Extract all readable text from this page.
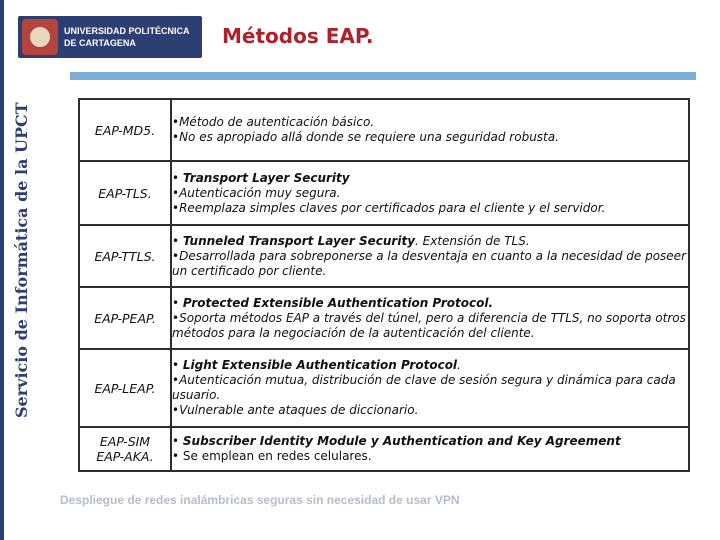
Servicio de Informática de la UPCT
UNIVERSIDAD POLITÉCNICA
DE CARTAGENA	Métodos EAP.
EAP-MD5.	•Método de autenticación básico.
•No es apropiado allá donde se requiere una seguridad robusta.

EAP-TLS.	• Transport Layer Security
•Autenticación muy segura.
•Reemplaza simples claves por certificados para el cliente y el servidor.

EAP-TTLS.	• Tunneled Transport Layer Security. Extensión de TLS.
•Desarrollada para sobreponerse a la desventaja en cuanto a la necesidad de poseer un certificado por cliente.

EAP-PEAP.	• Protected Extensible Authentication Protocol.
•Soporta métodos EAP a través del túnel, pero a diferencia de TTLS, no soporta otros métodos para la negociación de la autenticación del cliente.

EAP-LEAP.	• Light Extensible Authentication Protocol.
•Autenticación mutua, distribución de clave de sesión segura y dinámica para cada usuario.
•Vulnerable ante ataques de diccionario.

EAP-SIM
EAP-AKA.	• Subscriber Identity Module y Authentication and Key Agreement
• Se emplean en redes celulares.
Despliegue de redes inalámbricas seguras sin necesidad de usar VPN
